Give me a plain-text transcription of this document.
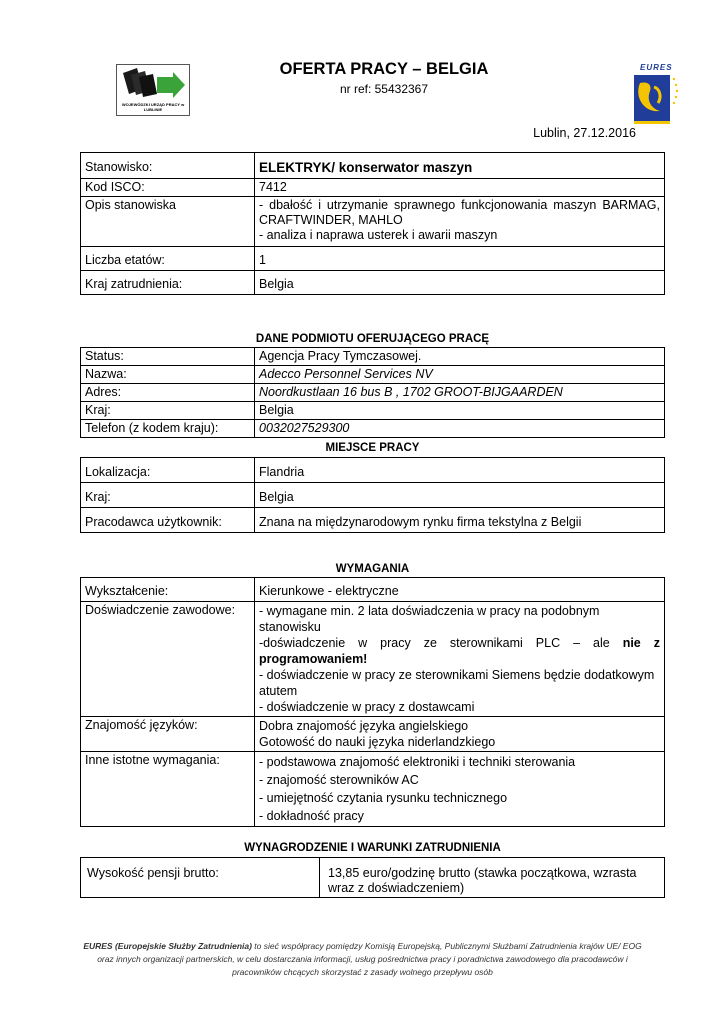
WOJEWÓDZKI URZĄD PRACY w LUBLINIE
OFERTA PRACY – BELGIA
nr ref: 55432367
EURES
Lublin, 27.12.2016
Stanowisko:	ELEKTRYK/ konserwator maszyn
Kod ISCO:	7412
Opis stanowiska	- dbałość i utrzymanie sprawnego funkcjonowania maszyn BARMAG, CRAFTWINDER, MAHLO
- analiza i naprawa usterek i awarii maszyn

Liczba etatów:	1
Kraj zatrudnienia:	Belgia
DANE PODMIOTU OFERUJĄCEGO PRACĘ
Status:	Agencja Pracy Tymczasowej.
Nazwa:	Adecco Personnel Services NV
Adres:	Noordkustlaan 16 bus B , 1702 GROOT-BIJGAARDEN
Kraj:	Belgia
Telefon (z kodem kraju):	0032027529300
MIEJSCE PRACY
Lokalizacja:	Flandria
Kraj:	Belgia
Pracodawca użytkownik:	Znana na międzynarodowym rynku firma tekstylna z Belgii
WYMAGANIA
Wykształcenie:	Kierunkowe - elektryczne
Doświadczenie zawodowe:	- wymagane min. 2 lata doświadczenia w pracy na podobnym stanowisku
-doświadczenie w pracy ze sterownikami PLC – ale nie z programowaniem!
- doświadczenie w pracy ze sterownikami Siemens będzie dodatkowym atutem
- doświadczenie w pracy z dostawcami

Znajomość języków:	Dobra znajomość języka angielskiego
Gotowość do nauki języka niderlandzkiego

Inne istotne wymagania:	- podstawowa znajomość elektroniki i techniki sterowania
- znajomość sterowników AC
- umiejętność czytania rysunku technicznego
- dokładność pracy
WYNAGRODZENIE I WARUNKI ZATRUDNIENIA
Wysokość pensji brutto:	13,85 euro/godzinę brutto (stawka początkowa, wzrasta wraz z doświadczeniem)
EURES (Europejskie Służby Zatrudnienia) to sieć współpracy pomiędzy Komisją Europejską, Publicznymi Służbami Zatrudnienia krajów UE/ EOG oraz innych organizacji partnerskich, w celu dostarczania informacji, usług pośrednictwa pracy i poradnictwa zawodowego dla pracodawców i pracowników chcących skorzystać z zasady wolnego przepływu osób
